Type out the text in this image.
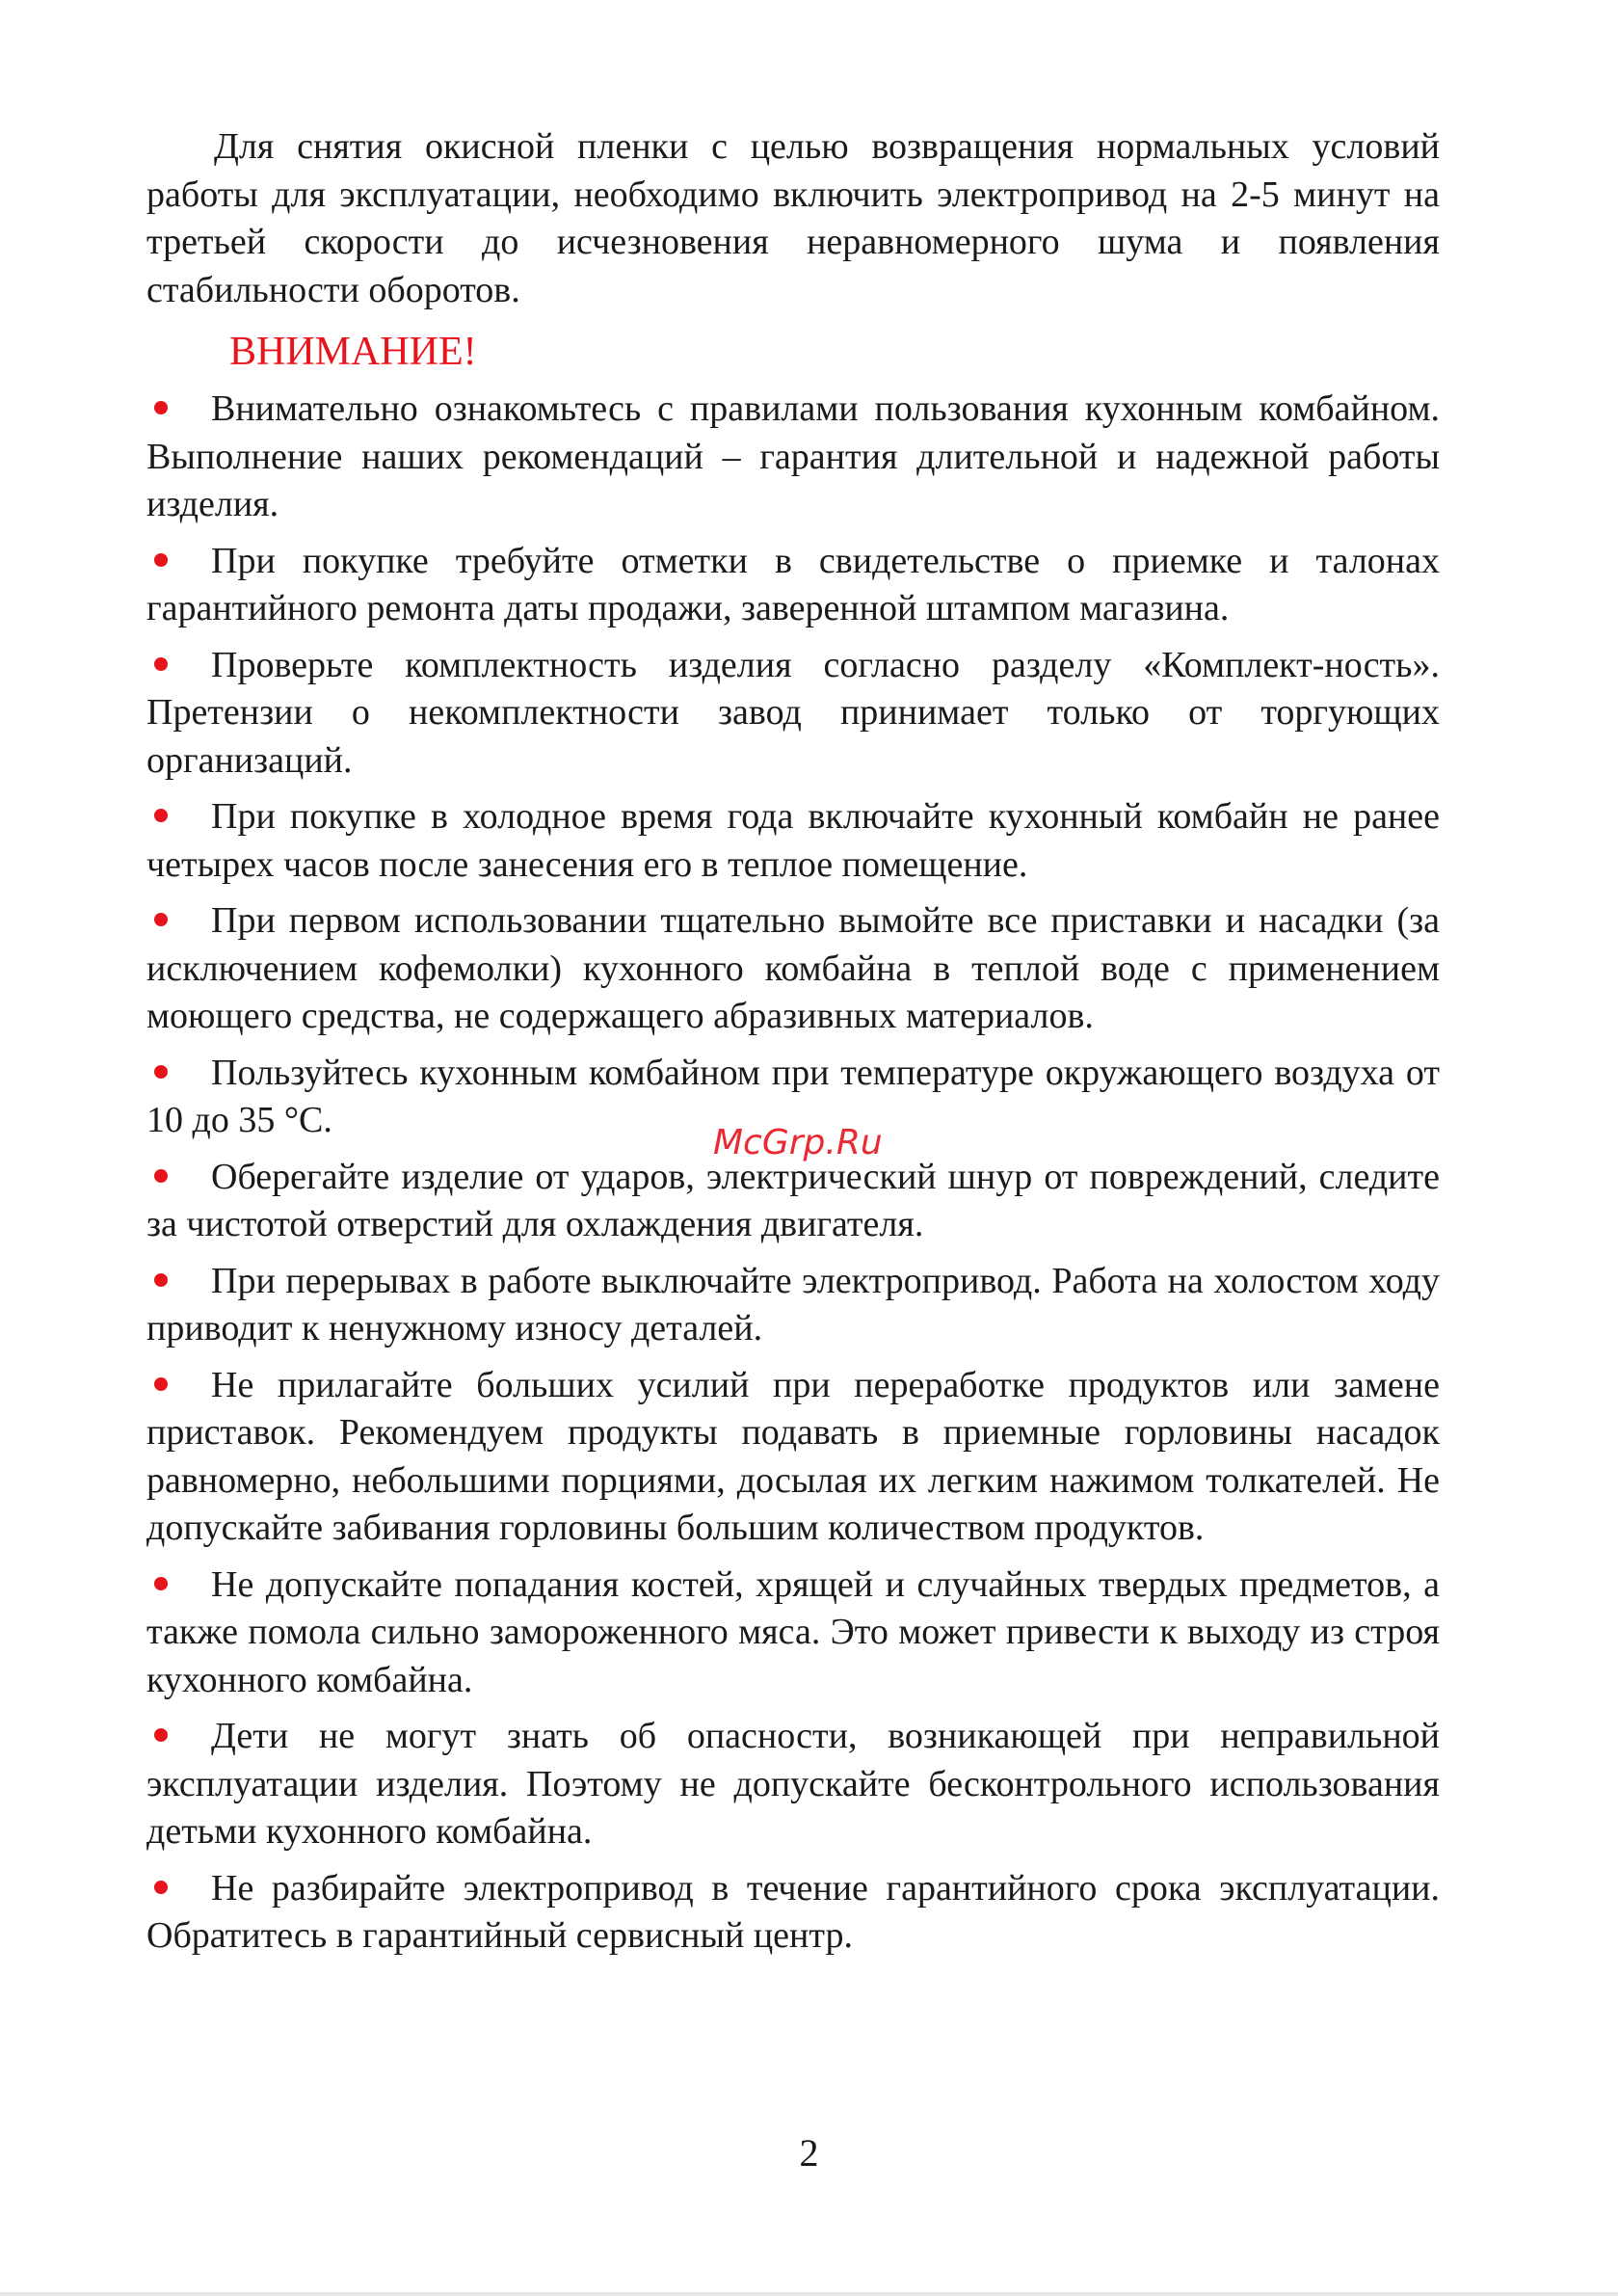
Для снятия окисной пленки с целью возвращения нормальных условий работы для эксплуатации, необходимо включить электропривод на 2-5 минут на третьей скорости до исчезновения неравномерного шума и появления стабильности оборотов.

ВНИМАНИЕ!

Внимательно ознакомьтесь с правилами пользования кухонным комбайном. Выполнение наших рекомендаций – гарантия длительной и надежной работы изделия.

При покупке требуйте отметки в свидетельстве о приемке и талонах гарантийного ремонта даты продажи, заверенной штампом магазина.

Проверьте комплектность изделия согласно разделу «Комплект-ность». Претензии о некомплектности завод принимает только от торгующих организаций.

При покупке в холодное время года включайте кухонный комбайн не ранее четырех часов после занесения его в теплое помещение.

При первом использовании тщательно вымойте все приставки и насадки (за исключением кофемолки) кухонного комбайна в теплой воде с применением моющего средства, не содержащего абразивных материалов.

Пользуйтесь кухонным комбайном при температуре окружающего воздуха от 10 до 35 °С.

Оберегайте изделие от ударов, электрический шнур от повреждений, следите за чистотой отверстий для охлаждения двигателя.

При перерывах в работе выключайте электропривод. Работа на холостом ходу приводит к ненужному износу деталей.

Не прилагайте больших усилий при переработке продуктов или замене приставок. Рекомендуем продукты подавать в приемные горловины насадок равномерно, небольшими порциями, досылая их легким нажимом толкателей. Не допускайте забивания горловины большим количеством продуктов.

Не допускайте попадания костей, хрящей и случайных твердых предметов, а также помола сильно замороженного мяса. Это может привести к выходу из строя кухонного комбайна.

Дети не могут знать об опасности, возникающей при неправильной эксплуатации изделия. Поэтому не допускайте бесконтрольного использования детьми кухонного комбайна.

Не разбирайте электропривод в течение гарантийного срока эксплуатации. Обратитесь в гарантийный сервисный центр.

McGrp.Ru
2
